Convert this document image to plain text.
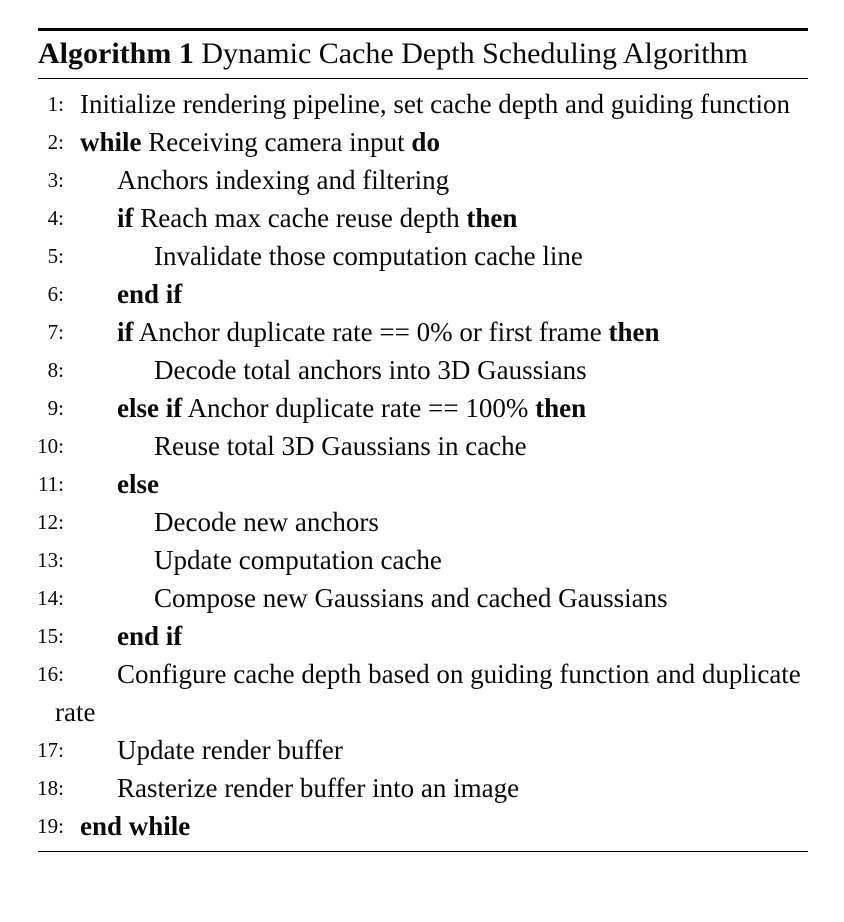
Algorithm 1 Dynamic Cache Depth Scheduling Algorithm
1: Initialize rendering pipeline, set cache depth and guiding function
2: while Receiving camera input do
3:	Anchors indexing and filtering
4:	if Reach max cache reuse depth then
5:	Invalidate those computation cache line
6:	end if
7:	if Anchor duplicate rate == 0% or first frame then
8:	Decode total anchors into 3D Gaussians
9:	else if Anchor duplicate rate == 100% then
10:	Reuse total 3D Gaussians in cache
11:	else
12:	Decode new anchors
13:	Update computation cache
14:	Compose new Gaussians and cached Gaussians
15:	end if
16:	Configure cache depth based on guiding function and duplicate rate
17:	Update render buffer
18:	Rasterize render buffer into an image
19: end while
